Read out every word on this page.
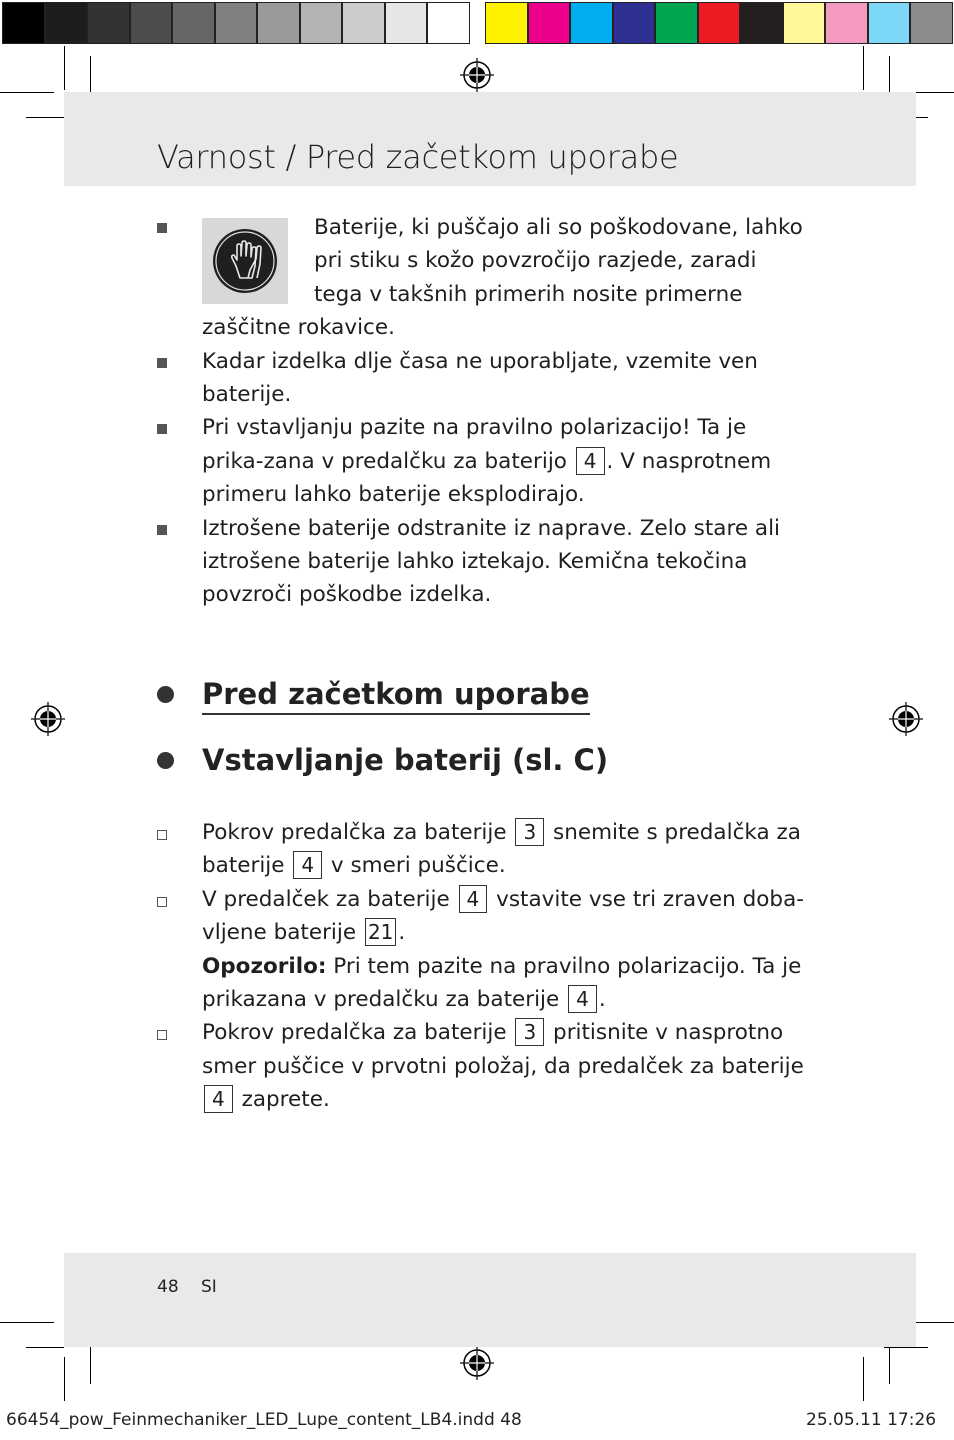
Varnost / Pred začetkom uporabe

Baterije, ki puščajo ali so poškodovane, lahko pri stiku s kožo povzročijo razjede, zaradi tega v takšnih primerih nosite primerne zaščitne rokavice.

Kadar izdelka dlje časa ne uporabljate, vzemite ven baterije.

Pri vstavljanju pazite na pravilno polarizacijo! Ta je prika-zana v predalčku za baterijo 4 . V nasprotnem primeru lahko baterije eksplodirajo.

Iztrošene baterije odstranite iz naprave. Zelo stare ali iztrošene baterije lahko iztekajo. Kemična tekočina povzroči poškodbe izdelka.

Pred začetkom uporabe
Vstavljanje baterij (sl. C)

Pokrov predalčka za baterije 3 snemite s predalčka za baterije 4 v smeri puščice.

V predalček za baterije 4 vstavite vse tri zraven doba-vljene baterije 21 .

Opozorilo: Pri tem pazite na pravilno polarizacijo. Ta je prikazana v predalčku za baterije 4 .

Pokrov predalčka za baterije 3 pritisnite v nasprotno smer puščice v prvotni položaj, da predalček za baterije 4 zaprete.

48 SI
66454_pow_Feinmechaniker_LED_Lupe_content_LB4.indd 48	25.05.11 17:26
